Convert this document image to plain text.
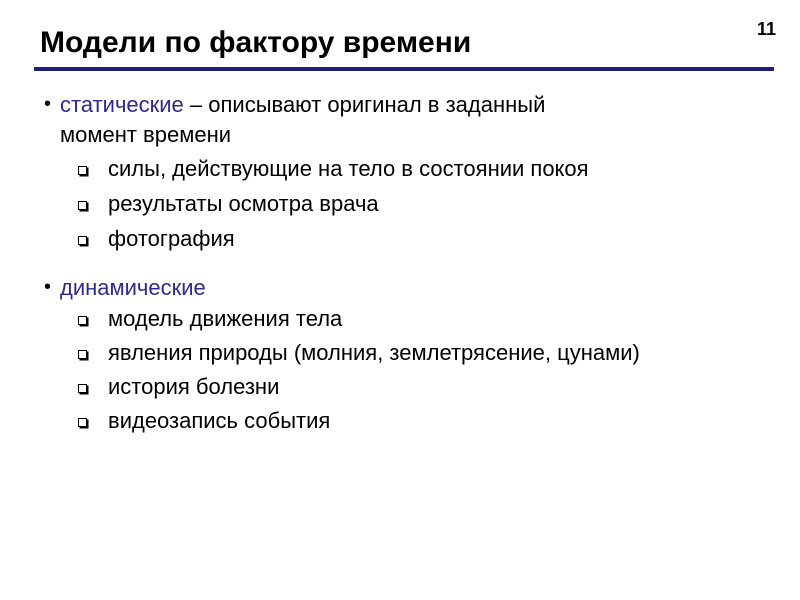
Модели по фактору времени	11
• статические – описывают оригинал в заданный
момент времени
силы, действующие на тело в состоянии покоя
результаты осмотра врача
фотография
• динамические
модель движения тела
явления природы (молния, землетрясение, цунами)
история болезни
видеозапись события
